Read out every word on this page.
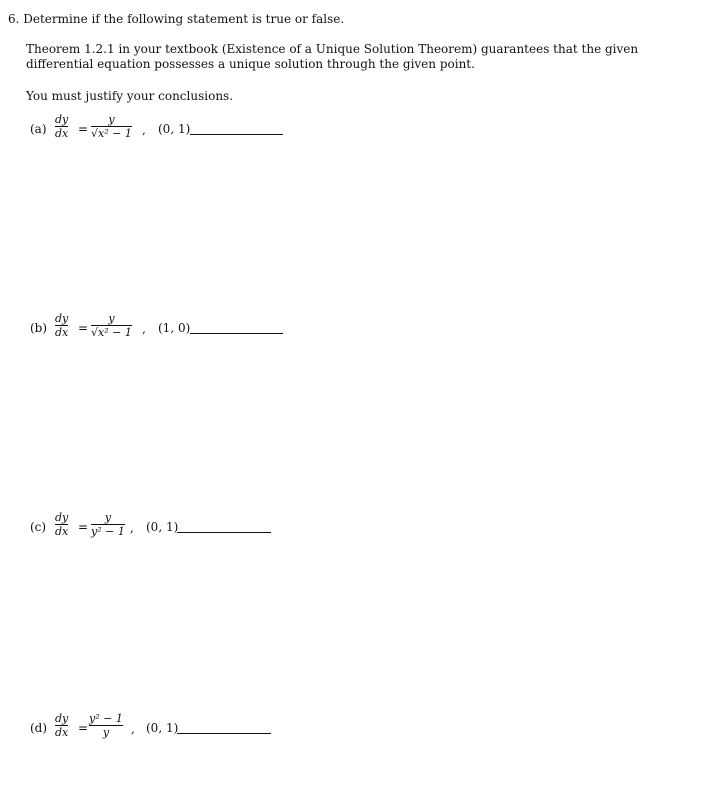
6. Determine if the following statement is true or false.
Theorem 1.2.1 in your textbook (Existence of a Unique Solution Theorem) guarantees that the given differential equation possesses a unique solution through the given point.
You must justify your conclusions.
$(a) \frac{dy}{dx} = \frac{y}{\text{√x² − 1}}$ , (0, 1)
$(b) \frac{dy}{dx} = \frac{y}{\text{√x² − 1}}$ , (1, 0)
$(c) \frac{dy}{dx} = \frac{y}{\text{y² − 1}}$ , (0, 1)
$(d) \frac{dy}{dx} = \frac{\text{y² − 1}}{y}$ , (0, 1)
